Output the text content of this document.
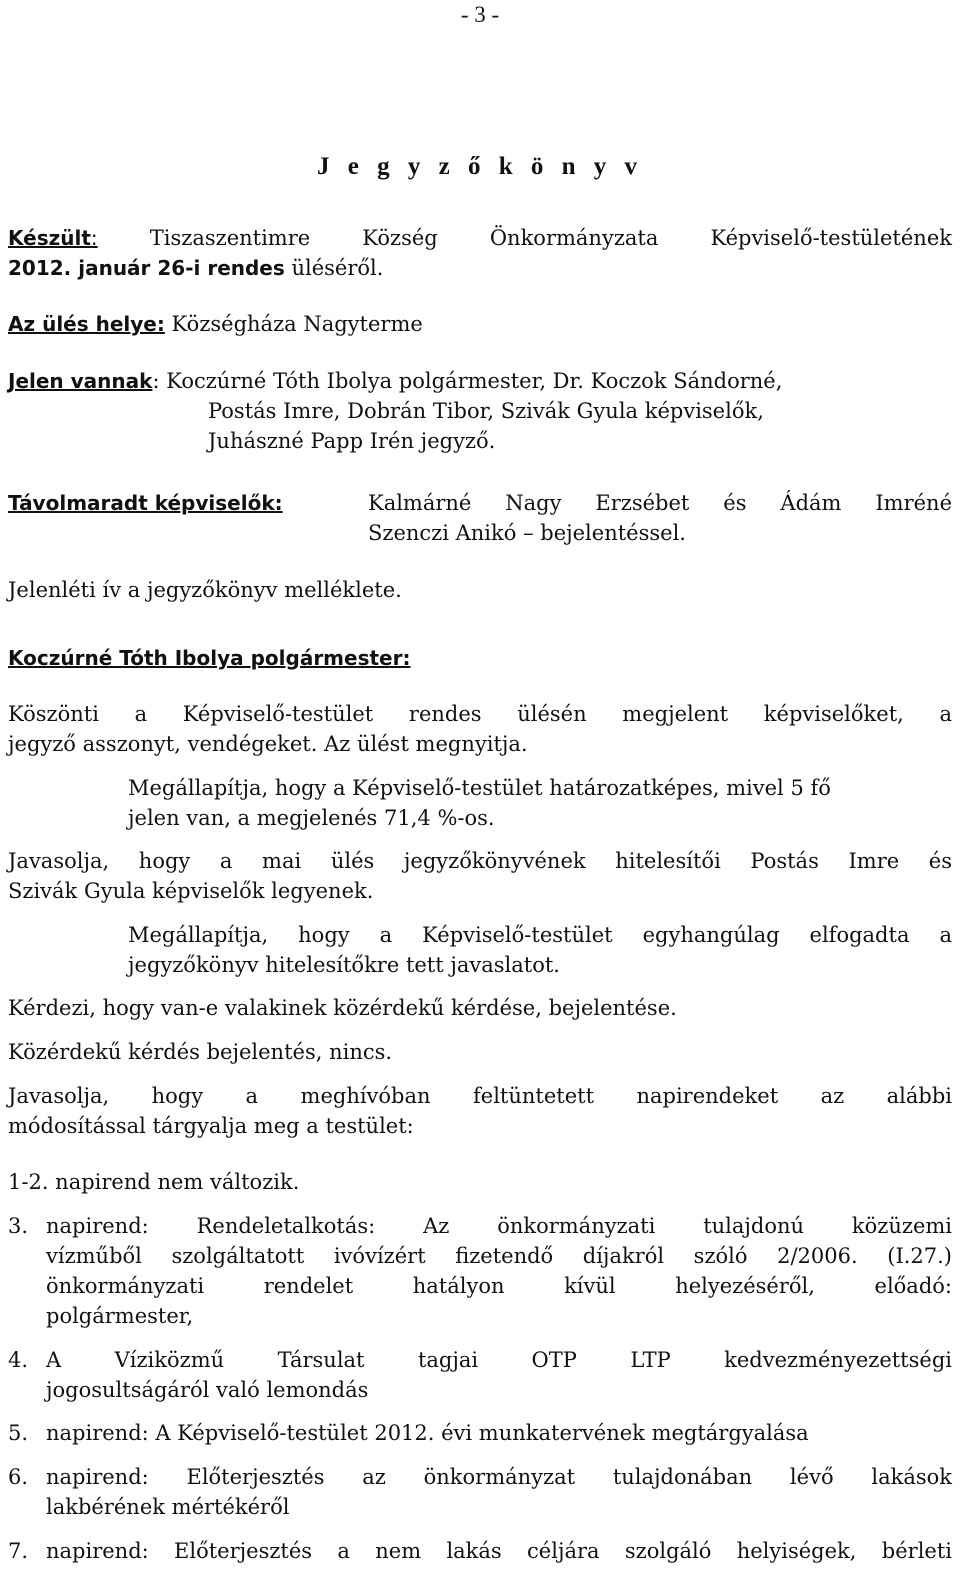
- 3 -
J e g y z ő k ö n y v
Készült: Tiszaszentimre Község Önkormányzata Képviselő-testületének
2012. január 26-i rendes üléséről.
Az ülés helye: Községháza Nagyterme
Jelen vannak: Koczúrné Tóth Ibolya polgármester, Dr. Koczok Sándorné,
Postás Imre, Dobrán Tibor, Szivák Gyula képviselők,
Juhászné Papp Irén jegyző.
Távolmaradt képviselők:	Kalmárné Nagy Erzsébet és Ádám Imréné
Szenczi Anikó – bejelentéssel.
Jelenléti ív a jegyzőkönyv melléklete.
Koczúrné Tóth Ibolya polgármester:
Köszönti a Képviselő-testület rendes ülésén megjelent képviselőket, a
jegyző asszonyt, vendégeket. Az ülést megnyitja.
Megállapítja, hogy a Képviselő-testület határozatképes, mivel 5 fő
jelen van, a megjelenés 71,4 %-os.
Javasolja, hogy a mai ülés jegyzőkönyvének hitelesítői Postás Imre és
Szivák Gyula képviselők legyenek.
Megállapítja, hogy a Képviselő-testület egyhangúlag elfogadta a
jegyzőkönyv hitelesítőkre tett javaslatot.
Kérdezi, hogy van-e valakinek közérdekű kérdése, bejelentése.
Közérdekű kérdés bejelentés, nincs.
Javasolja, hogy a meghívóban feltüntetett napirendeket az alábbi
módosítással tárgyalja meg a testület:
1-2. napirend nem változik.
3. napirend: Rendeletalkotás: Az önkormányzati tulajdonú közüzemi
vízműből szolgáltatott ivóvízért fizetendő díjakról szóló 2/2006. (I.27.)
önkormányzati rendelet hatályon kívül helyezéséről, előadó:
polgármester,
4. A Víziközmű Társulat tagjai OTP LTP kedvezményezettségi
jogosultságáról való lemondás
5. napirend: A Képviselő-testület 2012. évi munkatervének megtárgyalása
6. napirend: Előterjesztés az önkormányzat tulajdonában lévő lakások
lakbérének mértékéről
7. napirend: Előterjesztés a nem lakás céljára szolgáló helyiségek, bérleti
